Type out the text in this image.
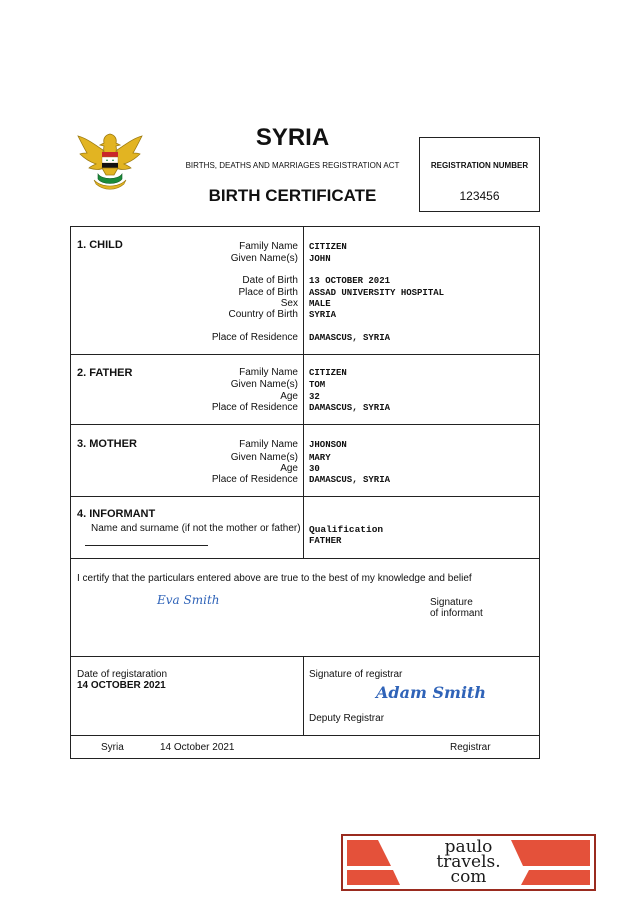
SYRIA
BIRTHS, DEATHS AND MARRIAGES REGISTRATION ACT
BIRTH CERTIFICATE
REGISTRATION NUMBER
123456
1. CHILD	Family Name CITIZEN
Given Name(s) JOHN
Date of Birth 13 OCTOBER 2021
Place of Birth ASSAD UNIVERSITY HOSPITAL
Sex MALE
Country of Birth SYRIA
Place of Residence DAMASCUS, SYRIA
2. FATHER	Family Name CITIZEN
Given Name(s) TOM
Age 32
Place of Residence DAMASCUS, SYRIA
3. MOTHER	Family Name JHONSON
Given Name(s) MARY
Age 30
Place of Residence DAMASCUS, SYRIA
4. INFORMANT
Name and surname (if not the mother or father) Qualification
FATHER
I certify that the particulars entered above are true to the best of my knowledge and belief
Eva Smith	Signature
of informant
Date of registaration
14 OCTOBER 2021
Signature of registrar
Adam Smith
Deputy Registrar
Syria	14 October 2021	Registrar
paulo
travels.
com
